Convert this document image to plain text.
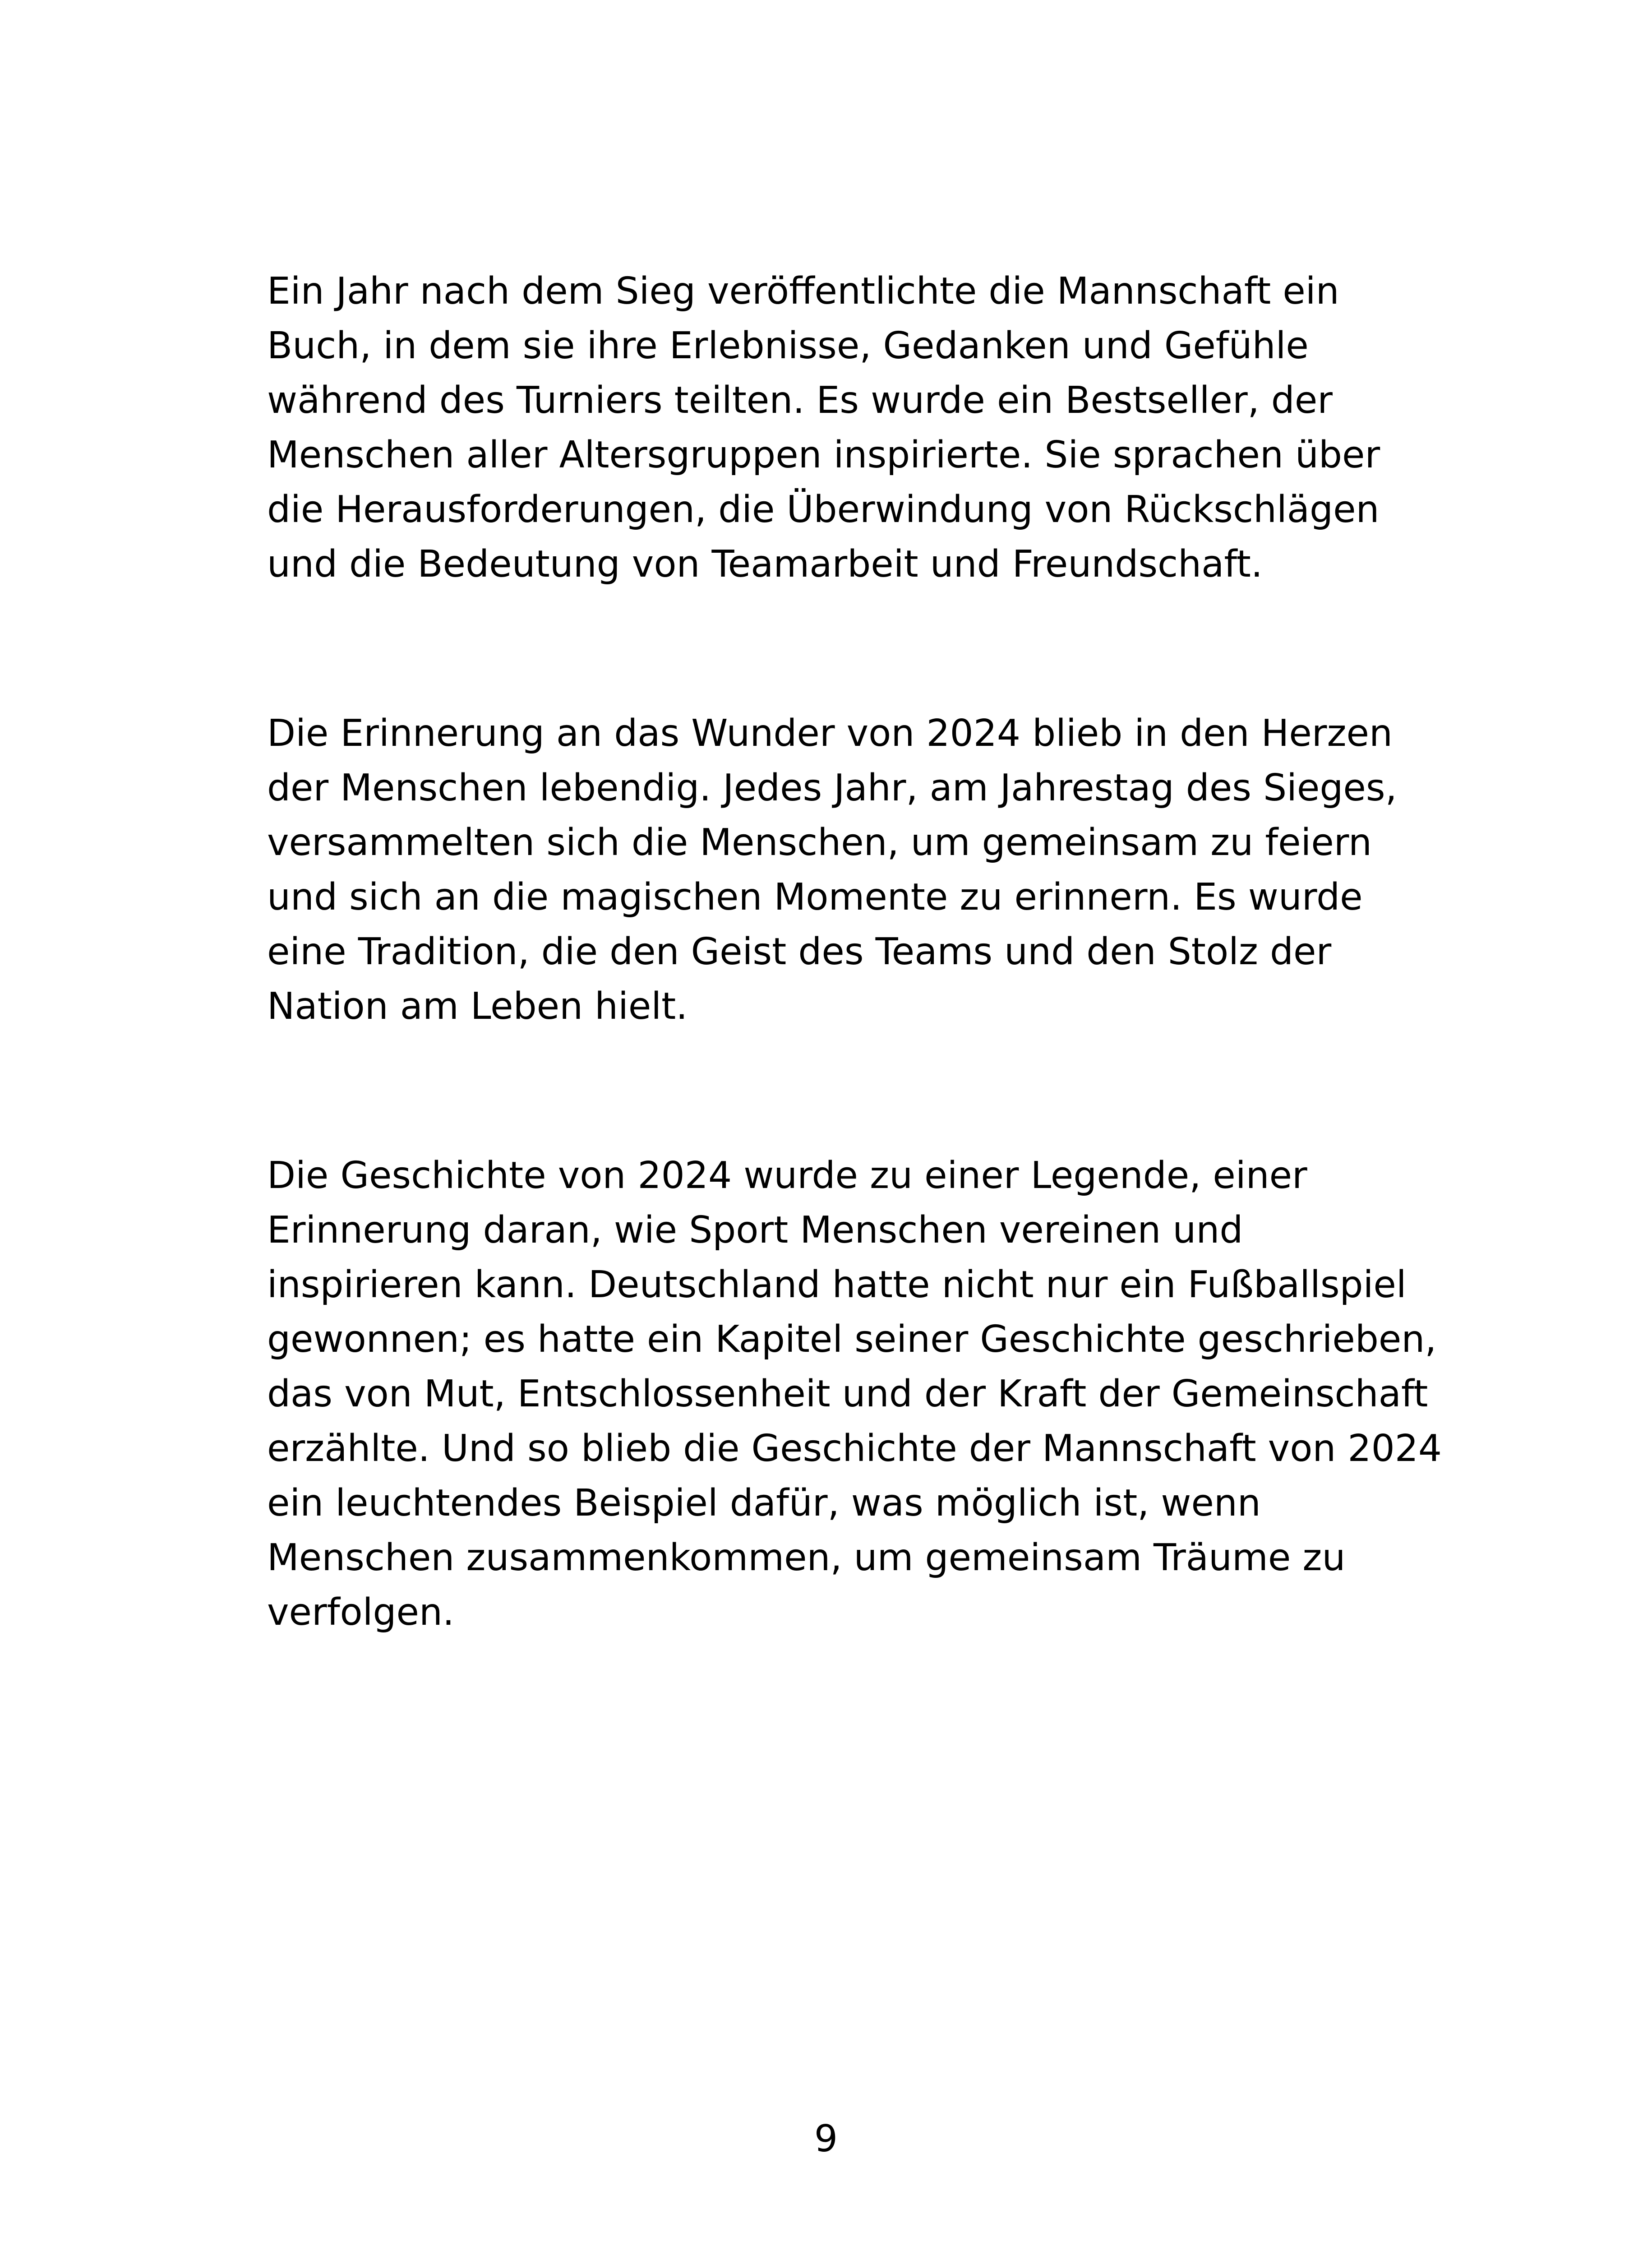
Ein Jahr nach dem Sieg veröffentlichte die Mannschaft ein
Buch, in dem sie ihre Erlebnisse, Gedanken und Gefühle
während des Turniers teilten. Es wurde ein Bestseller, der
Menschen aller Altersgruppen inspirierte. Sie sprachen über
die Herausforderungen, die Überwindung von Rückschlägen
und die Bedeutung von Teamarbeit und Freundschaft.

Die Erinnerung an das Wunder von 2024 blieb in den Herzen
der Menschen lebendig. Jedes Jahr, am Jahrestag des Sieges,
versammelten sich die Menschen, um gemeinsam zu feiern
und sich an die magischen Momente zu erinnern. Es wurde
eine Tradition, die den Geist des Teams und den Stolz der
Nation am Leben hielt.

Die Geschichte von 2024 wurde zu einer Legende, einer
Erinnerung daran, wie Sport Menschen vereinen und
inspirieren kann. Deutschland hatte nicht nur ein Fußballspiel
gewonnen; es hatte ein Kapitel seiner Geschichte geschrieben,
das von Mut, Entschlossenheit und der Kraft der Gemeinschaft
erzählte. Und so blieb die Geschichte der Mannschaft von 2024
ein leuchtendes Beispiel dafür, was möglich ist, wenn
Menschen zusammenkommen, um gemeinsam Träume zu
verfolgen.

9
